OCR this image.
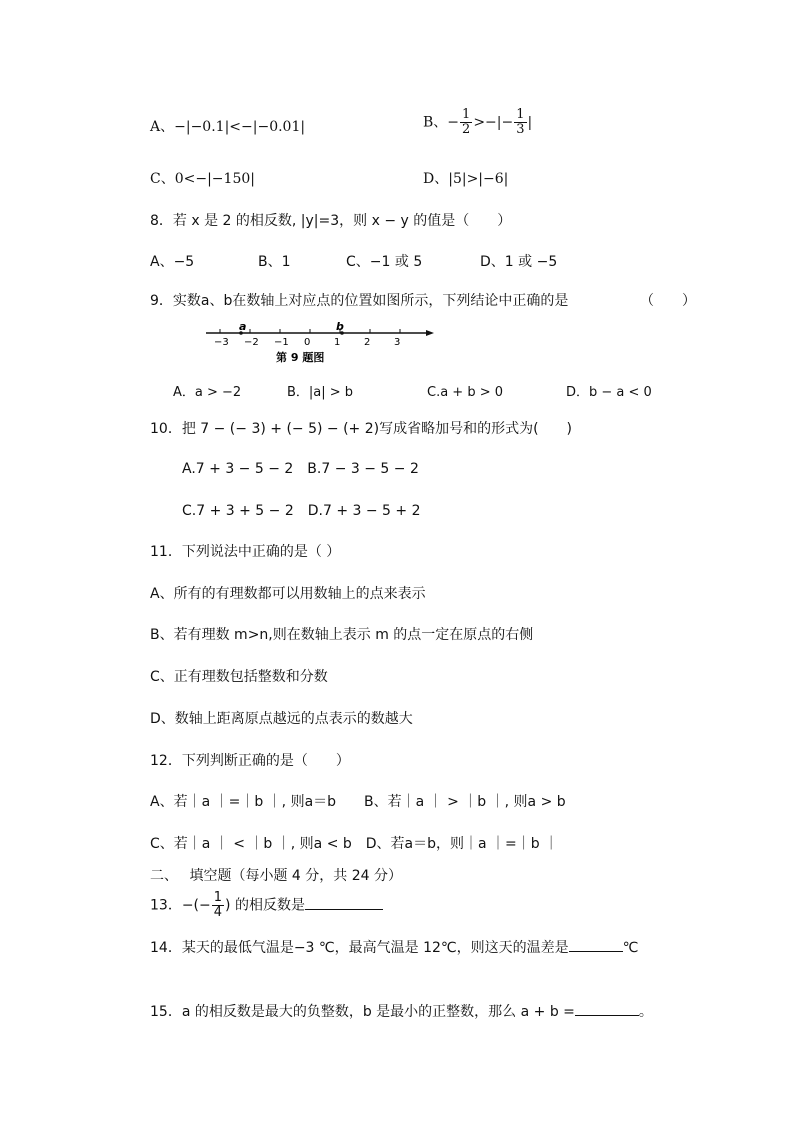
A、−|−0.1|<−|−0.01|	B、− $\frac{1}{2}$ >−|− $\frac{1}{3}$ |
C、0<−|−150|	D、|5|>|−6|
8．若 x 是 2 的相反数, |y|=3，则 x − y 的值是（　　）
A、−5	B、1	C、−1 或 5	D、1 或 −5
9．实数a、b在数轴上对应点的位置如图所示，下列结论中正确的是	（　　）
−3 −2 −1 0 1 2 3
a	b
第 9 题图
A．a > −2	B．|a| > b	C.a + b > 0	D．b − a < 0
10．把 7 − (− 3) + (− 5) − (+ 2)写成省略加号和的形式为(　　)
A.7 + 3 − 5 − 2　B.7 − 3 − 5 − 2
C.7 + 3 + 5 − 2　D.7 + 3 − 5 + 2
11．下列说法中正确的是（ ）
A、所有的有理数都可以用数轴上的点来表示
B、若有理数 m>n,则在数轴上表示 m 的点一定在原点的右侧
C、正有理数包括整数和分数
D、数轴上距离原点越远的点表示的数越大
12．下列判断正确的是（　　）
A、若｜a ｜=｜b ｜, 则a＝b　　B、若｜a ｜ > ｜b ｜, 则a > b
C、若｜a ｜ < ｜b ｜, 则a < b　D、若a＝b，则｜a ｜=｜b ｜
二、　 填空题（每小题 4 分，共 24 分）
13．−(− $\frac{1}{4}$ ) 的相反数是
14．某天的最低气温是−3 ℃，最高气温是 12℃，则这天的温差是	℃
15．a 的相反数是最大的负整数，b 是最小的正整数，那么 a + b =	。
